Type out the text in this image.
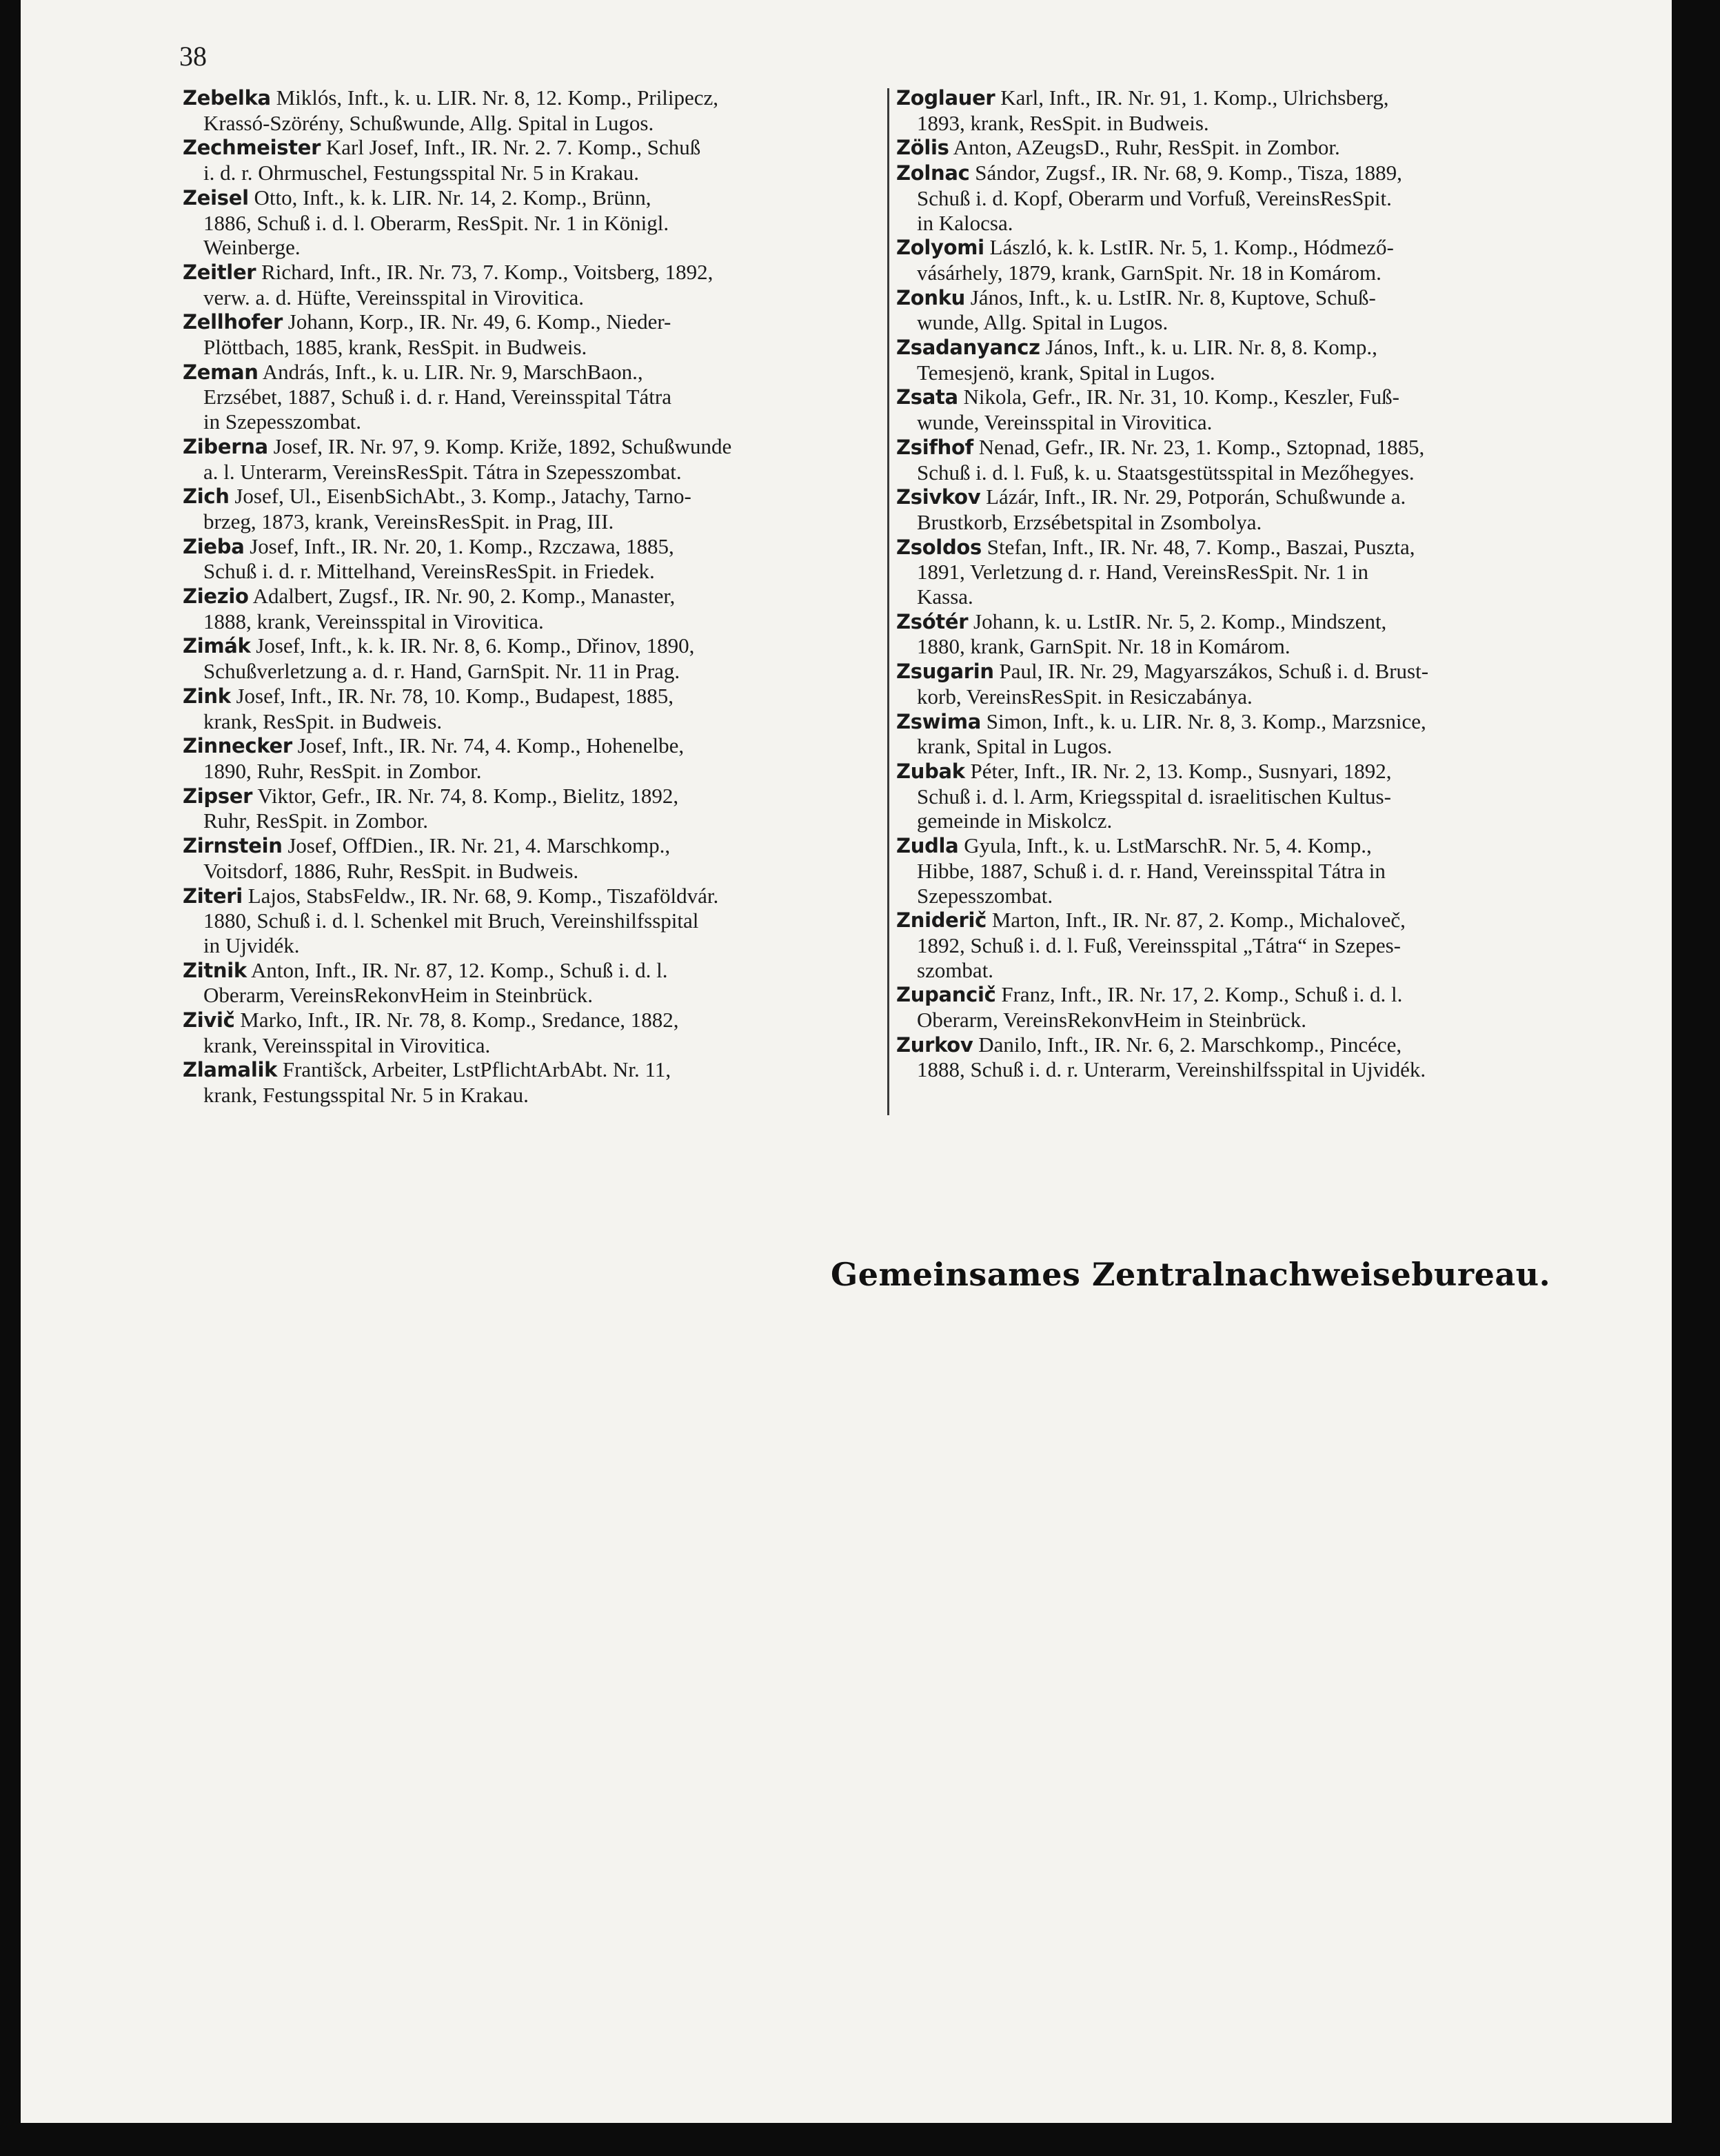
38
Zebelka Miklós, Inft., k. u. LIR. Nr. 8, 12. Komp., Prilipecz,
Krassó-Szörény, Schußwunde, Allg. Spital in Lugos.
Zechmeister Karl Josef, Inft., IR. Nr. 2. 7. Komp., Schuß
i. d. r. Ohrmuschel, Festungsspital Nr. 5 in Krakau.
Zeisel Otto, Inft., k. k. LIR. Nr. 14, 2. Komp., Brünn,
1886, Schuß i. d. l. Oberarm, ResSpit. Nr. 1 in Königl.
Weinberge.
Zeitler Richard, Inft., IR. Nr. 73, 7. Komp., Voitsberg, 1892,
verw. a. d. Hüfte, Vereinsspital in Virovitica.
Zellhofer Johann, Korp., IR. Nr. 49, 6. Komp., Nieder-
Plöttbach, 1885, krank, ResSpit. in Budweis.
Zeman András, Inft., k. u. LIR. Nr. 9, MarschBaon.,
Erzsébet, 1887, Schuß i. d. r. Hand, Vereinsspital Tátra
in Szepesszombat.
Ziberna Josef, IR. Nr. 97, 9. Komp. Križe, 1892, Schußwunde
a. l. Unterarm, VereinsResSpit. Tátra in Szepesszombat.
Zich Josef, Ul., EisenbSichAbt., 3. Komp., Jatachy, Tarno-
brzeg, 1873, krank, VereinsResSpit. in Prag, III.
Zieba Josef, Inft., IR. Nr. 20, 1. Komp., Rzczawa, 1885,
Schuß i. d. r. Mittelhand, VereinsResSpit. in Friedek.
Ziezio Adalbert, Zugsf., IR. Nr. 90, 2. Komp., Manaster,
1888, krank, Vereinsspital in Virovitica.
Zimák Josef, Inft., k. k. IR. Nr. 8, 6. Komp., Dřinov, 1890,
Schußverletzung a. d. r. Hand, GarnSpit. Nr. 11 in Prag.
Zink Josef, Inft., IR. Nr. 78, 10. Komp., Budapest, 1885,
krank, ResSpit. in Budweis.
Zinnecker Josef, Inft., IR. Nr. 74, 4. Komp., Hohenelbe,
1890, Ruhr, ResSpit. in Zombor.
Zipser Viktor, Gefr., IR. Nr. 74, 8. Komp., Bielitz, 1892,
Ruhr, ResSpit. in Zombor.
Zirnstein Josef, OffDien., IR. Nr. 21, 4. Marschkomp.,
Voitsdorf, 1886, Ruhr, ResSpit. in Budweis.
Ziteri Lajos, StabsFeldw., IR. Nr. 68, 9. Komp., Tiszaföldvár.
1880, Schuß i. d. l. Schenkel mit Bruch, Vereinshilfsspital
in Ujvidék.
Zitnik Anton, Inft., IR. Nr. 87, 12. Komp., Schuß i. d. l.
Oberarm, VereinsRekonvHeim in Steinbrück.
Zivič Marko, Inft., IR. Nr. 78, 8. Komp., Sredance, 1882,
krank, Vereinsspital in Virovitica.
Zlamalik Františck, Arbeiter, LstPflichtArbAbt. Nr. 11,
krank, Festungsspital Nr. 5 in Krakau.
Zoglauer Karl, Inft., IR. Nr. 91, 1. Komp., Ulrichsberg,
1893, krank, ResSpit. in Budweis.
Zölis Anton, AZeugsD., Ruhr, ResSpit. in Zombor.
Zolnac Sándor, Zugsf., IR. Nr. 68, 9. Komp., Tisza, 1889,
Schuß i. d. Kopf, Oberarm und Vorfuß, VereinsResSpit.
in Kalocsa.
Zolyomi László, k. k. LstIR. Nr. 5, 1. Komp., Hódmező-
vásárhely, 1879, krank, GarnSpit. Nr. 18 in Komárom.
Zonku János, Inft., k. u. LstIR. Nr. 8, Kuptove, Schuß-
wunde, Allg. Spital in Lugos.
Zsadanyancz János, Inft., k. u. LIR. Nr. 8, 8. Komp.,
Temesjenö, krank, Spital in Lugos.
Zsata Nikola, Gefr., IR. Nr. 31, 10. Komp., Keszler, Fuß-
wunde, Vereinsspital in Virovitica.
Zsifhof Nenad, Gefr., IR. Nr. 23, 1. Komp., Sztopnad, 1885,
Schuß i. d. l. Fuß, k. u. Staatsgestütsspital in Mezőhegyes.
Zsivkov Lázár, Inft., IR. Nr. 29, Potporán, Schußwunde a.
Brustkorb, Erzsébetspital in Zsombolya.
Zsoldos Stefan, Inft., IR. Nr. 48, 7. Komp., Baszai, Puszta,
1891, Verletzung d. r. Hand, VereinsResSpit. Nr. 1 in
Kassa.
Zsótér Johann, k. u. LstIR. Nr. 5, 2. Komp., Mindszent,
1880, krank, GarnSpit. Nr. 18 in Komárom.
Zsugarin Paul, IR. Nr. 29, Magyarszákos, Schuß i. d. Brust-
korb, VereinsResSpit. in Resiczabánya.
Zswima Simon, Inft., k. u. LIR. Nr. 8, 3. Komp., Marzsnice,
krank, Spital in Lugos.
Zubak Péter, Inft., IR. Nr. 2, 13. Komp., Susnyari, 1892,
Schuß i. d. l. Arm, Kriegsspital d. israelitischen Kultus-
gemeinde in Miskolcz.
Zudla Gyula, Inft., k. u. LstMarschR. Nr. 5, 4. Komp.,
Hibbe, 1887, Schuß i. d. r. Hand, Vereinsspital Tátra in
Szepesszombat.
Zniderič Marton, Inft., IR. Nr. 87, 2. Komp., Michaloveč,
1892, Schuß i. d. l. Fuß, Vereinsspital „Tátra“ in Szepes-
szombat.
Zupancič Franz, Inft., IR. Nr. 17, 2. Komp., Schuß i. d. l.
Oberarm, VereinsRekonvHeim in Steinbrück.
Zurkov Danilo, Inft., IR. Nr. 6, 2. Marschkomp., Pincéce,
1888, Schuß i. d. r. Unterarm, Vereinshilfsspital in Ujvidék.
Gemeinsames Zentralnachweisebureau.
